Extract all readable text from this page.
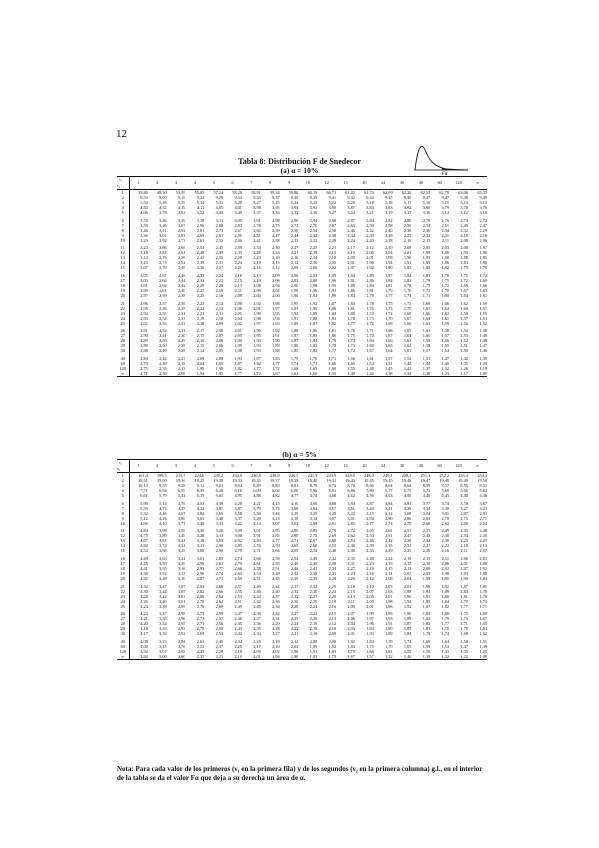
12
Tabla 8: Distribución F de Snedecor
Fα
(a) α = 10%
ν₁
ν₂	1	2	3	4	5	6	7	8	9	10	12	15	20	24	30	40	60	120	∞
1	39,86	49,50	53,59	55,83	57,24	58,20	58,91	59,44	59,86	60,19	60,71	61,22	61,74	62,00	62,26	62,53	62,79	63,06	63,33
2	8,53	9,00	9,16	9,24	9,29	9,33	9,35	9,37	9,38	9,39	9,41	9,42	9,44	9,45	9,46	9,47	9,47	9,48	9,49
3	5,54	5,46	5,39	5,34	5,31	5,28	5,27	5,25	5,24	5,23	5,22	5,20	5,18	5,18	5,17	5,16	5,15	5,14	5,13
4	4,54	4,32	4,19	4,11	4,05	4,01	3,98	3,95	3,94	3,92	3,90	3,87	3,84	3,83	3,82	3,80	3,79	3,78	3,76
5	4,06	3,78	3,62	3,52	3,45	3,40	3,37	3,34	3,32	3,30	3,27	3,24	3,21	3,19	3,17	3,16	3,14	3,12	3,10
6	3,78	3,46	3,29	3,18	3,11	3,05	3,01	2,98	2,96	2,94	2,90	2,87	2,84	2,82	2,80	2,78	2,76	2,74	2,72
7	3,59	3,26	3,07	2,96	2,88	2,83	2,78	2,75	2,72	2,70	2,67	2,63	2,59	2,58	2,56	2,54	2,51	2,49	2,47
8	3,46	3,11	2,92	2,81	2,73	2,67	2,62	2,59	2,56	2,54	2,50	2,46	2,42	2,40	2,38	2,36	2,34	2,32	2,29
9	3,36	3,01	2,81	2,69	2,61	2,55	2,51	2,47	2,44	2,42	2,38	2,34	2,30	2,28	2,25	2,23	2,21	2,18	2,16
10	3,29	2,92	2,73	2,61	2,52	2,46	2,41	2,38	2,35	2,32	2,28	2,24	2,20	2,18	2,16	2,13	2,11	2,08	2,06
11	3,23	2,86	2,66	2,54	2,45	2,39	2,34	2,30	2,27	2,25	2,21	2,17	2,12	2,10	2,08	2,05	2,03	2,00	1,97
12	3,18	2,81	2,61	2,48	2,39	2,33	2,28	2,24	2,21	2,19	2,15	2,10	2,06	2,04	2,01	1,99	1,96	1,93	1,90
13	3,14	2,76	2,56	2,43	2,35	2,28	2,23	2,20	2,16	2,14	2,10	2,05	2,01	1,98	1,96	1,93	1,90	1,88	1,85
14	3,10	2,73	2,52	2,39	2,31	2,24	2,19	2,15	2,12	2,10	2,05	2,01	1,96	1,94	1,91	1,89	1,86	1,83	1,80
15	3,07	2,70	2,49	2,36	2,27	2,21	2,16	2,12	2,09	2,06	2,02	1,97	1,92	1,90	1,87	1,85	1,82	1,79	1,76
16	3,05	2,67	2,46	2,33	2,24	2,18	2,13	2,09	2,06	2,03	1,99	1,94	1,89	1,87	1,84	1,81	1,78	1,75	1,72
17	3,03	2,64	2,44	2,31	2,22	2,15	2,10	2,06	2,03	2,00	1,96	1,91	1,86	1,84	1,81	1,78	1,75	1,72	1,69
18	3,01	2,62	2,42	2,29	2,20	2,13	2,08	2,04	2,00	1,98	1,93	1,89	1,84	1,81	1,78	1,75	1,72	1,69	1,66
19	2,99	2,61	2,40	2,27	2,18	2,11	2,06	2,02	1,98	1,96	1,91	1,86	1,81	1,79	1,76	1,73	1,70	1,67	1,63
20	2,97	2,59	2,38	2,25	2,16	2,09	2,04	2,00	1,96	1,94	1,89	1,84	1,79	1,77	1,74	1,71	1,68	1,64	1,61
21	2,96	2,57	2,36	2,23	2,14	2,08	2,02	1,98	1,95	1,92	1,87	1,83	1,78	1,75	1,72	1,69	1,66	1,62	1,59
22	2,95	2,56	2,35	2,22	2,13	2,06	2,01	1,97	1,93	1,90	1,86	1,81	1,76	1,73	1,70	1,67	1,64	1,60	1,57
23	2,94	2,55	2,34	2,21	2,11	2,05	1,99	1,95	1,92	1,89	1,84	1,80	1,74	1,72	1,69	1,66	1,62	1,59	1,55
24	2,93	2,54	2,33	2,19	2,10	2,04	1,98	1,94	1,91	1,88	1,83	1,78	1,73	1,70	1,67	1,64	1,61	1,57	1,53
25	2,92	2,53	2,32	2,18	2,09	2,02	1,97	1,93	1,89	1,87	1,82	1,77	1,72	1,69	1,66	1,63	1,59	1,56	1,52
26	2,91	2,52	2,31	2,17	2,08	2,01	1,96	1,92	1,88	1,86	1,81	1,76	1,71	1,68	1,65	1,61	1,58	1,54	1,50
27	2,90	2,51	2,30	2,17	2,07	2,00	1,95	1,91	1,87	1,85	1,80	1,75	1,70	1,67	1,64	1,60	1,57	1,53	1,49
28	2,89	2,50	2,29	2,16	2,06	2,00	1,94	1,90	1,87	1,84	1,79	1,74	1,69	1,66	1,63	1,59	1,56	1,52	1,48
29	2,89	2,50	2,28	2,15	2,06	1,99	1,93	1,89	1,86	1,83	1,78	1,73	1,68	1,65	1,62	1,58	1,55	1,51	1,47
30	2,88	2,49	2,28	2,14	2,05	1,98	1,93	1,88	1,85	1,82	1,77	1,72	1,67	1,64	1,61	1,57	1,54	1,50	1,46
40	2,84	2,44	2,23	2,09	2,00	1,93	1,87	1,83	1,79	1,76	1,71	1,66	1,61	1,57	1,54	1,51	1,47	1,42	1,38
60	2,79	2,39	2,18	2,04	1,95	1,87	1,82	1,77	1,74	1,71	1,66	1,60	1,54	1,51	1,48	1,44	1,40	1,35	1,29
120	2,75	2,35	2,13	1,99	1,90	1,82	1,77	1,72	1,68	1,65	1,60	1,55	1,48	1,45	1,41	1,37	1,32	1,26	1,19
∞	2,71	2,30	2,08	1,94	1,85	1,77	1,72	1,67	1,63	1,60	1,55	1,49	1,42	1,38	1,34	1,30	1,24	1,17	1,00
(b) α = 5%
ν₁
ν₂	1	2	3	4	5	6	7	8	9	10	12	15	20	24	30	40	60	120	∞
1	161,4	199,5	215,7	224,6	230,2	234,0	236,8	238,9	240,5	241,9	243,9	245,9	248,0	249,1	250,1	251,1	252,2	253,3	254,3
2	18,51	19,00	19,16	19,25	19,30	19,33	19,35	19,37	19,38	19,40	19,41	19,43	19,45	19,45	19,46	19,47	19,48	19,49	19,50
3	10,13	9,55	9,28	9,12	9,01	8,94	8,89	8,85	8,81	8,79	8,74	8,70	8,66	8,64	8,62	8,59	8,57	8,55	8,53
4	7,71	6,94	6,59	6,39	6,26	6,16	6,09	6,04	6,00	5,96	5,91	5,86	5,80	5,77	5,75	5,72	5,69	5,66	5,63
5	6,61	5,79	5,41	5,19	5,05	4,95	4,88	4,82	4,77	4,74	4,68	4,62	4,56	4,53	4,50	4,46	4,43	4,40	4,36
6	5,99	5,14	4,76	4,53	4,39	4,28	4,21	4,15	4,10	4,06	4,00	3,94	3,87	3,84	3,81	3,77	3,74	3,70	3,67
7	5,59	4,74	4,35	4,12	3,97	3,87	3,79	3,73	3,68	3,64	3,57	3,51	3,44	3,41	3,38	3,34	3,30	3,27	3,23
8	5,32	4,46	4,07	3,84	3,69	3,58	3,50	3,44	3,39	3,35	3,28	3,22	3,15	3,12	3,08	3,04	3,01	2,97	2,93
9	5,12	4,26	3,86	3,63	3,48	3,37	3,29	3,23	3,18	3,14	3,07	3,01	2,94	2,90	2,86	2,83	2,79	2,75	2,71
10	4,96	4,10	3,71	3,48	3,33	3,22	3,14	3,07	3,02	2,98	2,91	2,85	2,77	2,74	2,70	2,66	2,62	2,58	2,54
11	4,84	3,98	3,59	3,36	3,20	3,09	3,01	2,95	2,90	2,85	2,79	2,72	2,65	2,61	2,57	2,53	2,49	2,45	2,40
12	4,75	3,89	3,49	3,26	3,11	3,00	2,91	2,85	2,80	2,75	2,69	2,62	2,54	2,51	2,47	2,43	2,38	2,34	2,30
13	4,67	3,81	3,41	3,18	3,03	2,92	2,83	2,77	2,71	2,67	2,60	2,53	2,46	2,42	2,38	2,34	2,30	2,25	2,21
14	4,60	3,74	3,34	3,11	2,96	2,85	2,76	2,70	2,65	2,60	2,53	2,46	2,39	2,35	2,31	2,27	2,22	2,18	2,13
15	4,54	3,68	3,29	3,06	2,90	2,79	2,71	2,64	2,59	2,54	2,48	2,40	2,33	2,29	2,25	2,20	2,16	2,11	2,07
16	4,49	3,63	3,24	3,01	2,85	2,74	2,66	2,59	2,54	2,49	2,42	2,35	2,28	2,24	2,19	2,15	2,11	2,06	2,01
17	4,45	3,59	3,20	2,96	2,81	2,70	2,61	2,55	2,49	2,45	2,38	2,31	2,23	2,19	2,15	2,10	2,06	2,01	1,96
18	4,41	3,55	3,16	2,93	2,77	2,66	2,58	2,51	2,46	2,41	2,34	2,27	2,19	2,15	2,11	2,06	2,02	1,97	1,92
19	4,38	3,52	3,13	2,90	2,74	2,63	2,54	2,48	2,42	2,38	2,31	2,23	2,16	2,11	2,07	2,03	1,98	1,93	1,88
20	4,35	3,49	3,10	2,87	2,71	2,60	2,51	2,45	2,39	2,35	2,28	2,20	2,12	2,08	2,04	1,99	1,95	1,90	1,84
21	4,32	3,47	3,07	2,84	2,68	2,57	2,49	2,42	2,37	2,32	2,25	2,18	2,10	2,05	2,01	1,96	1,92	1,87	1,81
22	4,30	3,44	3,05	2,82	2,66	2,55	2,46	2,40	2,34	2,30	2,23	2,15	2,07	2,03	1,98	1,94	1,89	1,84	1,78
23	4,28	3,42	3,03	2,80	2,64	2,53	2,44	2,37	2,32	2,27	2,20	2,13	2,05	2,01	1,96	1,91	1,86	1,81	1,76
24	4,26	3,40	3,01	2,78	2,62	2,51	2,42	2,36	2,30	2,25	2,18	2,11	2,03	1,98	1,94	1,89	1,84	1,79	1,73
25	4,24	3,39	2,99	2,76	2,60	2,49	2,40	2,34	2,28	2,24	2,16	2,09	2,01	1,96	1,92	1,87	1,82	1,77	1,71
26	4,23	3,37	2,98	2,74	2,59	2,47	2,39	2,32	2,27	2,22	2,15	2,07	1,99	1,95	1,90	1,85	1,80	1,75	1,69
27	4,21	3,35	2,96	2,73	2,57	2,46	2,37	2,31	2,25	2,20	2,13	2,06	1,97	1,93	1,88	1,84	1,79	1,73	1,67
28	4,20	3,34	2,95	2,71	2,56	2,45	2,36	2,29	2,24	2,19	2,12	2,04	1,96	1,91	1,87	1,82	1,77	1,71	1,65
29	4,18	3,33	2,93	2,70	2,55	2,43	2,35	2,28	2,22	2,18	2,10	2,03	1,94	1,90	1,85	1,81	1,75	1,70	1,64
30	4,17	3,32	2,92	2,69	2,53	2,42	2,33	2,27	2,21	2,16	2,09	2,01	1,93	1,89	1,84	1,79	1,74	1,68	1,62
40	4,08	3,23	2,84	2,61	2,45	2,34	2,25	2,18	2,12	2,08	2,00	1,92	1,84	1,79	1,74	1,69	1,64	1,58	1,51
60	4,00	3,15	2,76	2,53	2,37	2,25	2,17	2,10	2,04	1,99	1,92	1,84	1,75	1,70	1,65	1,59	1,53	1,47	1,39
120	3,92	3,07	2,68	2,45	2,29	2,18	2,09	2,02	1,96	1,91	1,83	1,75	1,66	1,61	1,55	1,50	1,43	1,35	1,25
∞	3,84	3,00	2,60	2,37	2,21	2,10	2,01	1,94	1,88	1,83	1,75	1,67	1,57	1,52	1,46	1,39	1,32	1,22	1,00
Nota: Para cada valor de los primeros (ν₁ en la primera fila) y de los segundos (ν₂ en la primera columna) g.l., en el interior de la tabla se da el valor Fα que deja a su derecha un área de α.
